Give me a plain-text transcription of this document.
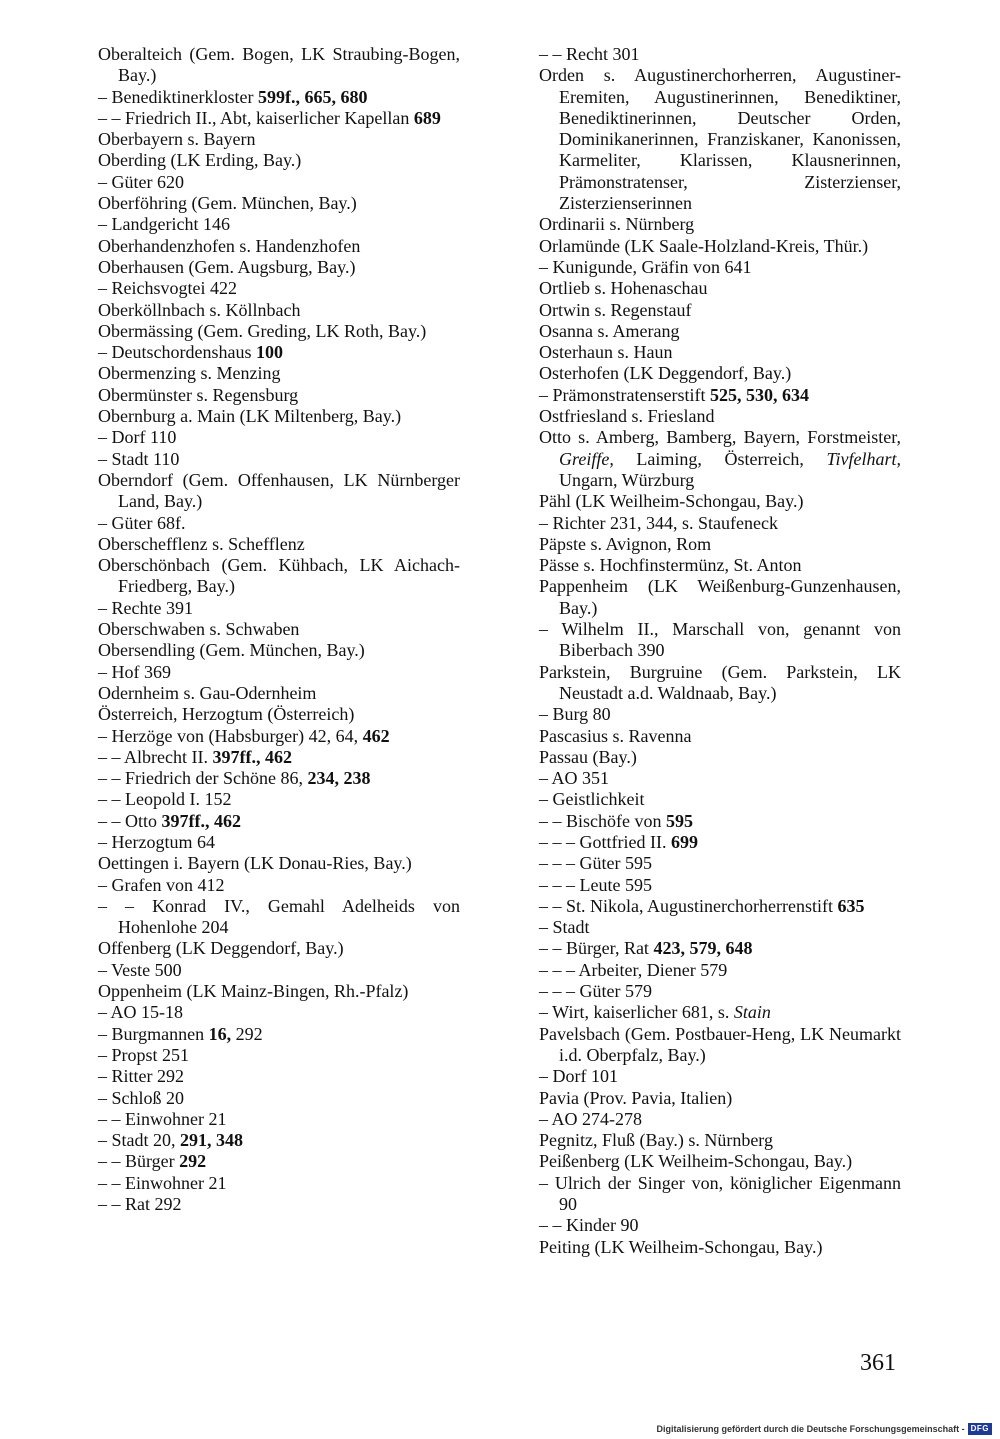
Oberalteich (Gem. Bogen, LK Straubing-Bogen, Bay.)
– Benediktinerkloster 599f., 665, 680
– – Friedrich II., Abt, kaiserlicher Kapellan 689
Oberbayern s. Bayern
Oberding (LK Erding, Bay.)
– Güter 620
Oberföhring (Gem. München, Bay.)
– Landgericht 146
Oberhandenzhofen s. Handenzhofen
Oberhausen (Gem. Augsburg, Bay.)
– Reichsvogtei 422
Oberköllnbach s. Köllnbach
Obermässing (Gem. Greding, LK Roth, Bay.)
– Deutschordenshaus 100
Obermenzing s. Menzing
Obermünster s. Regensburg
Obernburg a. Main (LK Miltenberg, Bay.)
– Dorf 110
– Stadt 110
Oberndorf (Gem. Offenhausen, LK Nürnberger Land, Bay.)
– Güter 68f.
Oberschefflenz s. Schefflenz
Oberschönbach (Gem. Kühbach, LK Aichach-Friedberg, Bay.)
– Rechte 391
Oberschwaben s. Schwaben
Obersendling (Gem. München, Bay.)
– Hof 369
Odernheim s. Gau-Odernheim
Österreich, Herzogtum (Österreich)
– Herzöge von (Habsburger) 42, 64, 462
– – Albrecht II. 397ff., 462
– – Friedrich der Schöne 86, 234, 238
– – Leopold I. 152
– – Otto 397ff., 462
– Herzogtum 64
Oettingen i. Bayern (LK Donau-Ries, Bay.)
– Grafen von 412
– – Konrad IV., Gemahl Adelheids von Hohenlohe 204
Offenberg (LK Deggendorf, Bay.)
– Veste 500
Oppenheim (LK Mainz-Bingen, Rh.-Pfalz)
– AO 15-18
– Burgmannen 16, 292
– Propst 251
– Ritter 292
– Schloß 20
– – Einwohner 21
– Stadt 20, 291, 348
– – Bürger 292
– – Einwohner 21
– – Rat 292
– – Recht 301
Orden s. Augustinerchorherren, Augustiner-Eremiten, Augustinerinnen, Benediktiner, Benediktinerinnen, Deutscher Orden, Dominikanerinnen, Franziskaner, Kanonissen, Karmeliter, Klarissen, Klausnerinnen, Prämonstratenser, Zisterzienser, Zisterzienserinnen
Ordinarii s. Nürnberg
Orlamünde (LK Saale-Holzland-Kreis, Thür.)
– Kunigunde, Gräfin von 641
Ortlieb s. Hohenaschau
Ortwin s. Regenstauf
Osanna s. Amerang
Osterhaun s. Haun
Osterhofen (LK Deggendorf, Bay.)
– Prämonstratenserstift 525, 530, 634
Ostfriesland s. Friesland
Otto s. Amberg, Bamberg, Bayern, Forstmeister, Greiffe, Laiming, Österreich, Tivfelhart, Ungarn, Würzburg
Pähl (LK Weilheim-Schongau, Bay.)
– Richter 231, 344, s. Staufeneck
Päpste s. Avignon, Rom
Pässe s. Hochfinstermünz, St. Anton
Pappenheim (LK Weißenburg-Gunzenhausen, Bay.)
– Wilhelm II., Marschall von, genannt von Biberbach 390
Parkstein, Burgruine (Gem. Parkstein, LK Neustadt a.d. Waldnaab, Bay.)
– Burg 80
Pascasius s. Ravenna
Passau (Bay.)
– AO 351
– Geistlichkeit
– – Bischöfe von 595
– – – Gottfried II. 699
– – – Güter 595
– – – Leute 595
– – St. Nikola, Augustinerchorherrenstift 635
– Stadt
– – Bürger, Rat 423, 579, 648
– – – Arbeiter, Diener 579
– – – Güter 579
– Wirt, kaiserlicher 681, s. Stain
Pavelsbach (Gem. Postbauer-Heng, LK Neumarkt i.d. Oberpfalz, Bay.)
– Dorf 101
Pavia (Prov. Pavia, Italien)
– AO 274-278
Pegnitz, Fluß (Bay.) s. Nürnberg
Peißenberg (LK Weilheim-Schongau, Bay.)
– Ulrich der Singer von, königlicher Eigenmann 90
– – Kinder 90
Peiting (LK Weilheim-Schongau, Bay.)
361
Digitalisierung gefördert durch die Deutsche Forschungsgemeinschaft - DFG
